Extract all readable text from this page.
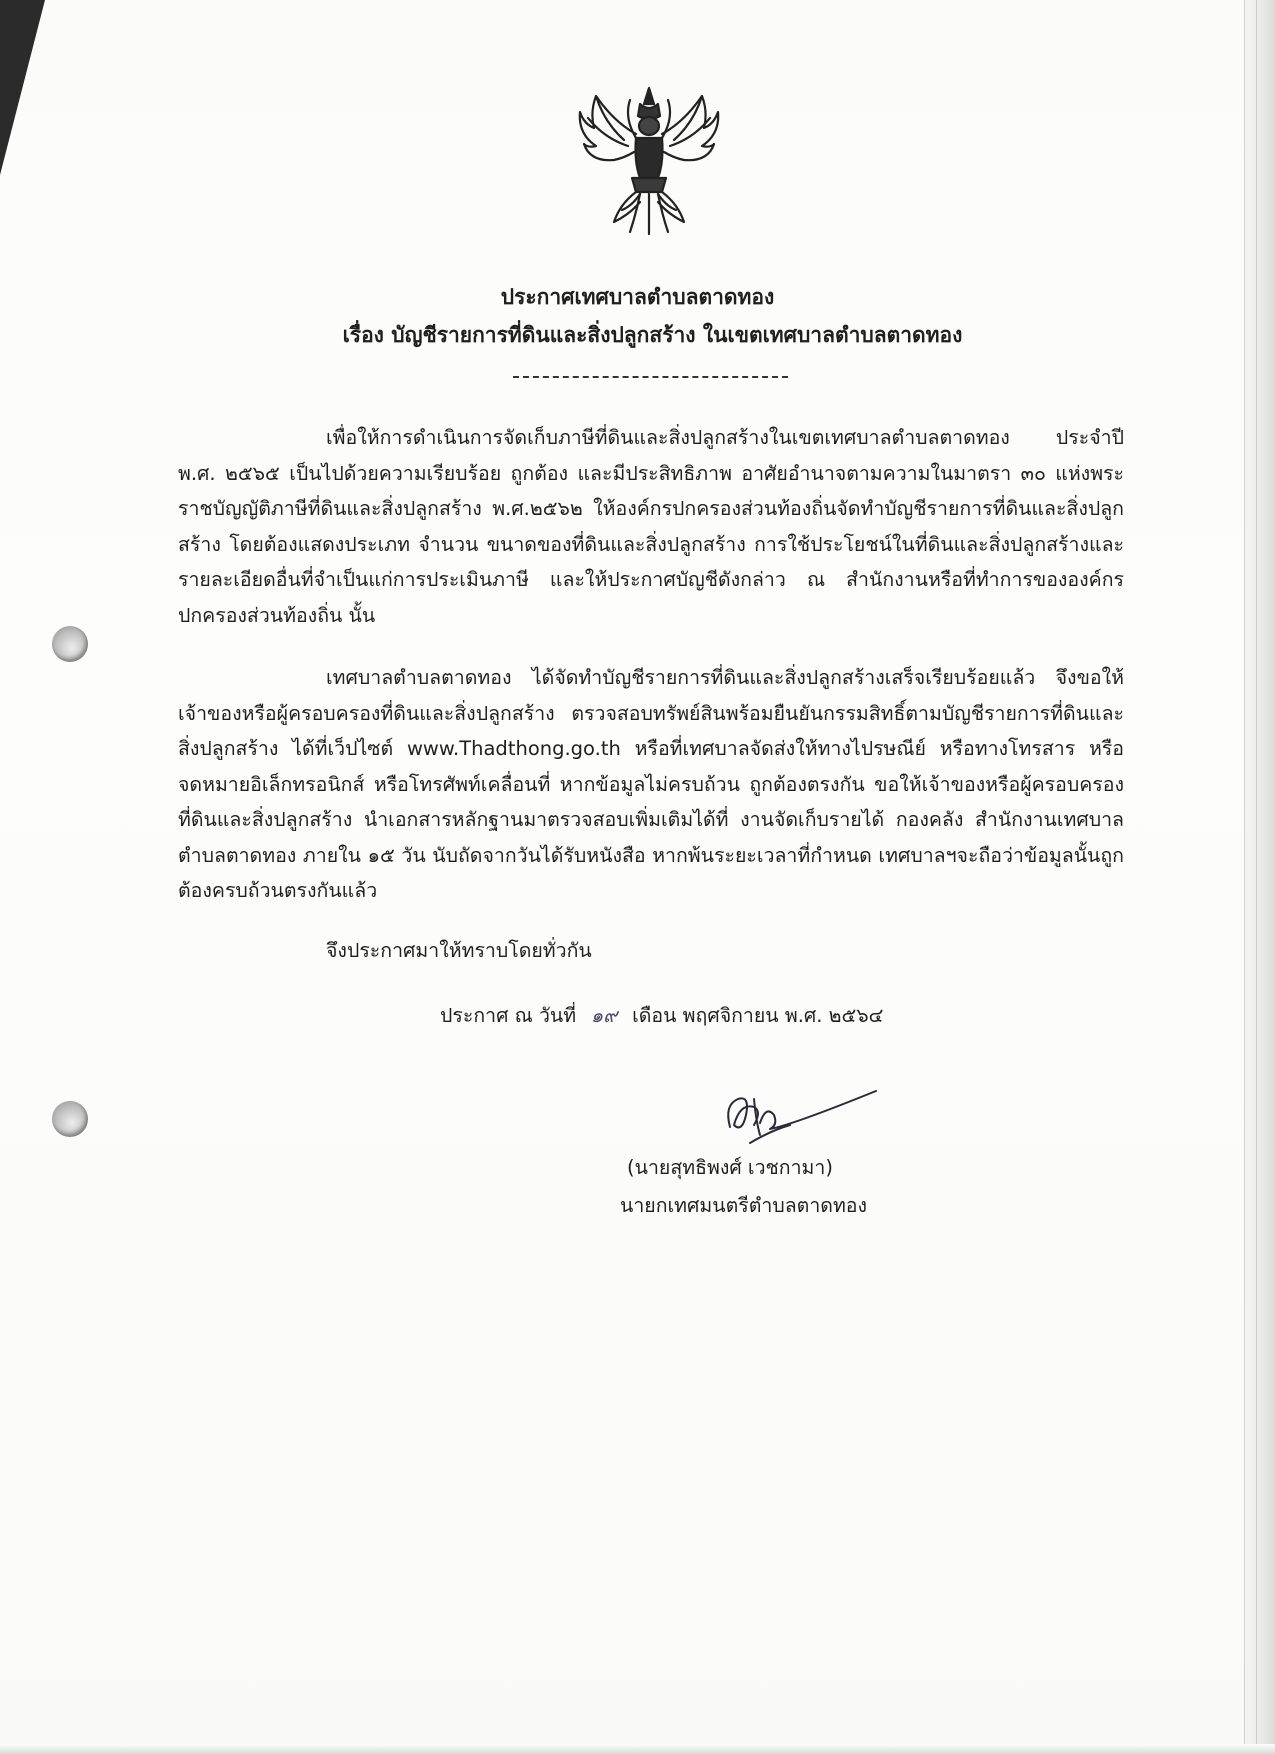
ประกาศเทศบาลตำบลตาดทอง

เรื่อง บัญชีรายการที่ดินและสิ่งปลูกสร้าง ในเขตเทศบาลตำบลตาดทอง

เพื่อให้การดำเนินการจัดเก็บภาษีที่ดินและสิ่งปลูกสร้างในเขตเทศบาลตำบลตาดทอง ประจำปี พ.ศ. ๒๕๖๕ เป็นไปด้วยความเรียบร้อย ถูกต้อง และมีประสิทธิภาพ อาศัยอำนาจตามความในมาตรา ๓๐ แห่งพระราชบัญญัติภาษีที่ดินและสิ่งปลูกสร้าง พ.ศ.๒๕๖๒ ให้องค์กรปกครองส่วนท้องถิ่นจัดทำบัญชีรายการที่ดินและสิ่งปลูกสร้าง โดยต้องแสดงประเภท จำนวน ขนาดของที่ดินและสิ่งปลูกสร้าง การใช้ประโยชน์ในที่ดินและสิ่งปลูกสร้างและรายละเอียดอื่นที่จำเป็นแก่การประเมินภาษี และให้ประกาศบัญชีดังกล่าว ณ สำนักงานหรือที่ทำการขององค์กรปกครองส่วนท้องถิ่น นั้น

เทศบาลตำบลตาดทอง ได้จัดทำบัญชีรายการที่ดินและสิ่งปลูกสร้างเสร็จเรียบร้อยแล้ว จึงขอให้เจ้าของหรือผู้ครอบครองที่ดินและสิ่งปลูกสร้าง ตรวจสอบทรัพย์สินพร้อมยืนยันกรรมสิทธิ์ตามบัญชีรายการที่ดินและสิ่งปลูกสร้าง ได้ที่เว็ปไซต์ www.Thadthong.go.th หรือที่เทศบาลจัดส่งให้ทางไปรษณีย์ หรือทางโทรสาร หรือจดหมายอิเล็กทรอนิกส์ หรือโทรศัพท์เคลื่อนที่ หากข้อมูลไม่ครบถ้วน ถูกต้องตรงกัน ขอให้เจ้าของหรือผู้ครอบครองที่ดินและสิ่งปลูกสร้าง นำเอกสารหลักฐานมาตรวจสอบเพิ่มเติมได้ที่ งานจัดเก็บรายได้ กองคลัง สำนักงานเทศบาลตำบลตาดทอง ภายใน ๑๕ วัน นับถัดจากวันได้รับหนังสือ หากพ้นระยะเวลาที่กำหนด เทศบาลฯจะถือว่าข้อมูลนั้นถูกต้องครบถ้วนตรงกันแล้ว

จึงประกาศมาให้ทราบโดยทั่วกัน

ประกาศ ณ วันที่ ๑๙ เดือน พฤศจิกายน พ.ศ. ๒๕๖๔
(นายสุทธิพงศ์ เวชกามา)
นายกเทศมนตรีตำบลตาดทอง
